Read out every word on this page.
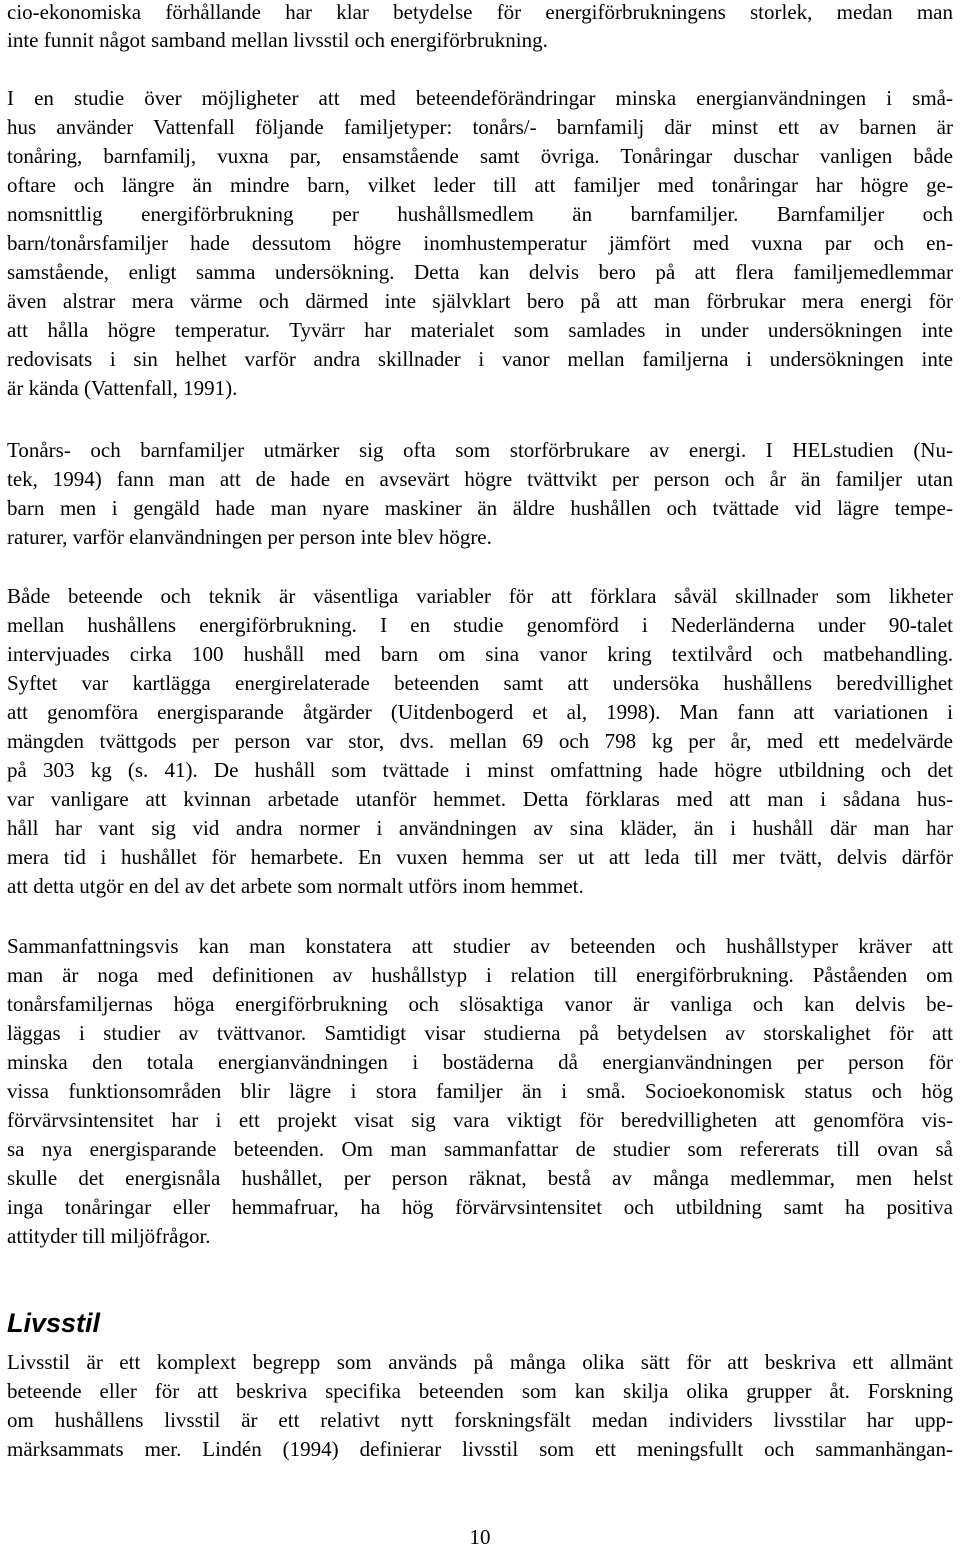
cio-ekonomiska förhållande har klar betydelse för energiförbrukningens storlek, medan man
inte funnit något samband mellan livsstil och energiförbrukning.
I en studie över möjligheter att med beteendeförändringar minska energianvändningen i små-
hus använder Vattenfall följande familjetyper: tonårs/- barnfamilj där minst ett av barnen är
tonåring, barnfamilj, vuxna par, ensamstående samt övriga. Tonåringar duschar vanligen både
oftare och längre än mindre barn, vilket leder till att familjer med tonåringar har högre ge-
nomsnittlig energiförbrukning per hushållsmedlem än barnfamiljer. Barnfamiljer och
barn/tonårsfamiljer hade dessutom högre inomhustemperatur jämfört med vuxna par och en-
samstående, enligt samma undersökning. Detta kan delvis bero på att flera familjemedlemmar
även alstrar mera värme och därmed inte självklart bero på att man förbrukar mera energi för
att hålla högre temperatur. Tyvärr har materialet som samlades in under undersökningen inte
redovisats i sin helhet varför andra skillnader i vanor mellan familjerna i undersökningen inte
är kända (Vattenfall, 1991).
Tonårs- och barnfamiljer utmärker sig ofta som storförbrukare av energi. I HELstudien (Nu-
tek, 1994) fann man att de hade en avsevärt högre tvättvikt per person och år än familjer utan
barn men i gengäld hade man nyare maskiner än äldre hushållen och tvättade vid lägre tempe-
raturer, varför elanvändningen per person inte blev högre.
Både beteende och teknik är väsentliga variabler för att förklara såväl skillnader som likheter
mellan hushållens energiförbrukning. I en studie genomförd i Nederländerna under 90-talet
intervjuades cirka 100 hushåll med barn om sina vanor kring textilvård och matbehandling.
Syftet var kartlägga energirelaterade beteenden samt att undersöka hushållens beredvillighet
att genomföra energisparande åtgärder (Uitdenbogerd et al, 1998). Man fann att variationen i
mängden tvättgods per person var stor, dvs. mellan 69 och 798 kg per år, med ett medelvärde
på 303 kg (s. 41). De hushåll som tvättade i minst omfattning hade högre utbildning och det
var vanligare att kvinnan arbetade utanför hemmet. Detta förklaras med att man i sådana hus-
håll har vant sig vid andra normer i användningen av sina kläder, än i hushåll där man har
mera tid i hushållet för hemarbete. En vuxen hemma ser ut att leda till mer tvätt, delvis därför
att detta utgör en del av det arbete som normalt utförs inom hemmet.
Sammanfattningsvis kan man konstatera att studier av beteenden och hushållstyper kräver att
man är noga med definitionen av hushållstyp i relation till energiförbrukning. Påståenden om
tonårsfamiljernas höga energiförbrukning och slösaktiga vanor är vanliga och kan delvis be-
läggas i studier av tvättvanor. Samtidigt visar studierna på betydelsen av storskalighet för att
minska den totala energianvändningen i bostäderna då energianvändningen per person för
vissa funktionsområden blir lägre i stora familjer än i små. Socioekonomisk status och hög
förvärvsintensitet har i ett projekt visat sig vara viktigt för beredvilligheten att genomföra vis-
sa nya energisparande beteenden. Om man sammanfattar de studier som refererats till ovan så
skulle det energisnåla hushållet, per person räknat, bestå av många medlemmar, men helst
inga tonåringar eller hemmafruar, ha hög förvärvsintensitet och utbildning samt ha positiva
attityder till miljöfrågor.
Livsstil
Livsstil är ett komplext begrepp som används på många olika sätt för att beskriva ett allmänt
beteende eller för att beskriva specifika beteenden som kan skilja olika grupper åt. Forskning
om hushållens livsstil är ett relativt nytt forskningsfält medan individers livsstilar har upp-
märksammats mer. Lindén (1994) definierar livsstil som ett meningsfullt och sammanhängan-
10
